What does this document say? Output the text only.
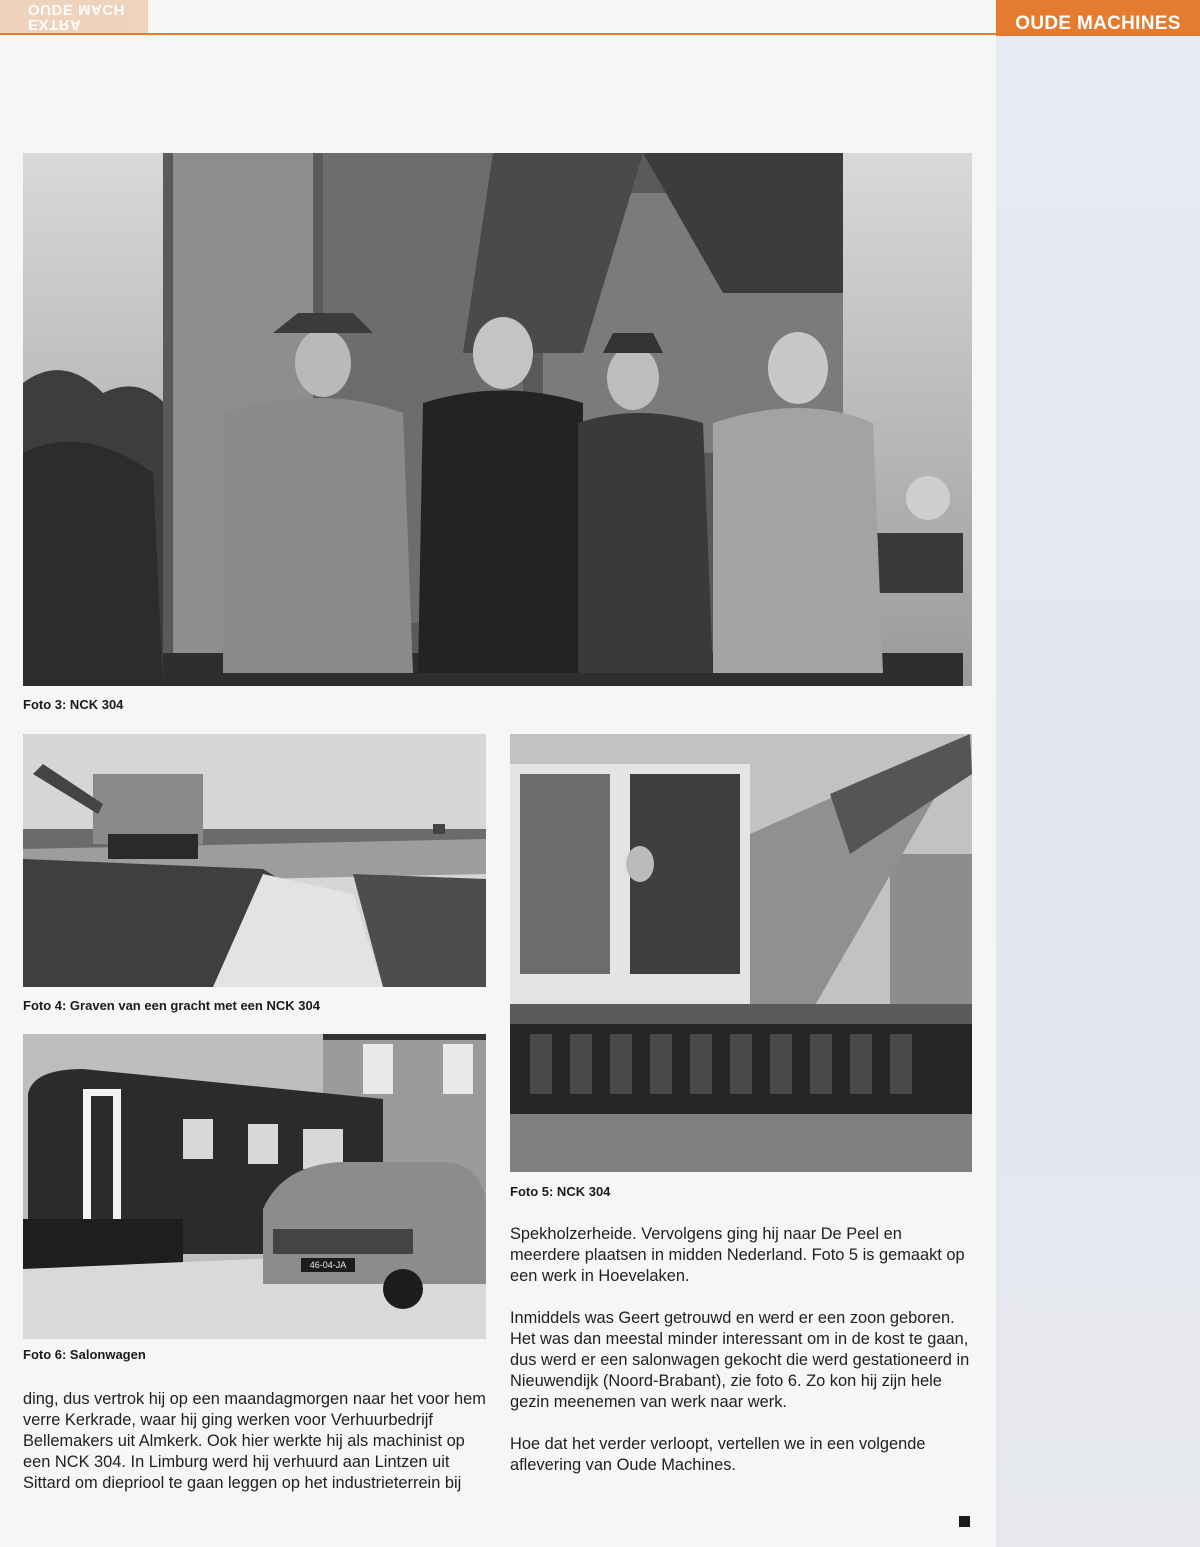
OUDE MACH
EXTRA	OUDE MACHINES
Foto 3: NCK 304
Foto 4: Graven van een gracht met een NCK 304
Foto 5: NCK 304
46-04-JA
Foto 6: Salonwagen

ding, dus vertrok hij op een maandagmorgen naar het voor hem verre Kerkrade, waar hij ging werken voor Verhuurbedrijf Bellemakers uit Almkerk. Ook hier werkte hij als machinist op een NCK 304. In Limburg werd hij verhuurd aan Lintzen uit Sittard om diepriool te gaan leggen op het industrieterrein bij

Spekholzerheide. Vervolgens ging hij naar De Peel en meerdere plaatsen in midden Nederland. Foto 5 is gemaakt op een werk in Hoevelaken.

Inmiddels was Geert getrouwd en werd er een zoon geboren. Het was dan meestal minder interessant om in de kost te gaan, dus werd er een salonwagen gekocht die werd gestationeerd in Nieuwendijk (Noord-Brabant), zie foto 6. Zo kon hij zijn hele gezin meenemen van werk naar werk.

Hoe dat het verder verloopt, vertellen we in een volgende aflevering van Oude Machines.
